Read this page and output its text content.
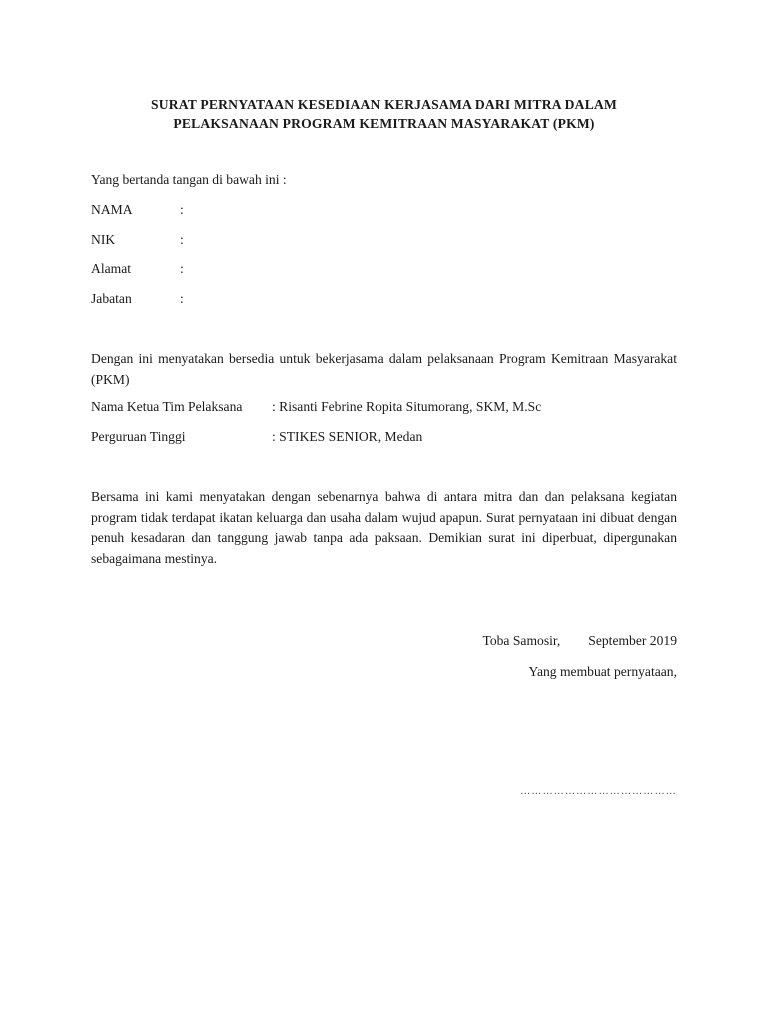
SURAT PERNYATAAN KESEDIAAN KERJASAMA DARI MITRA DALAM
PELAKSANAAN PROGRAM KEMITRAAN MASYARAKAT (PKM)
Yang bertanda tangan di bawah ini :
NAMA	:
NIK	:
Alamat	:
Jabatan	:
Dengan ini menyatakan bersedia untuk bekerjasama dalam pelaksanaan Program Kemitraan Masyarakat (PKM)
Nama Ketua Tim Pelaksana : Risanti Febrine Ropita Situmorang, SKM, M.Sc
Perguruan Tinggi	: STIKES SENIOR, Medan
Bersama ini kami menyatakan dengan sebenarnya bahwa di antara mitra dan dan pelaksana kegiatan program tidak terdapat ikatan keluarga dan usaha dalam wujud apapun. Surat pernyataan ini dibuat dengan penuh kesadaran dan tanggung jawab tanpa ada paksaan. Demikian surat ini diperbuat, dipergunakan sebagaimana mestinya.
Toba Samosir, September 2019
Yang membuat pernyataan,
……………………………………
